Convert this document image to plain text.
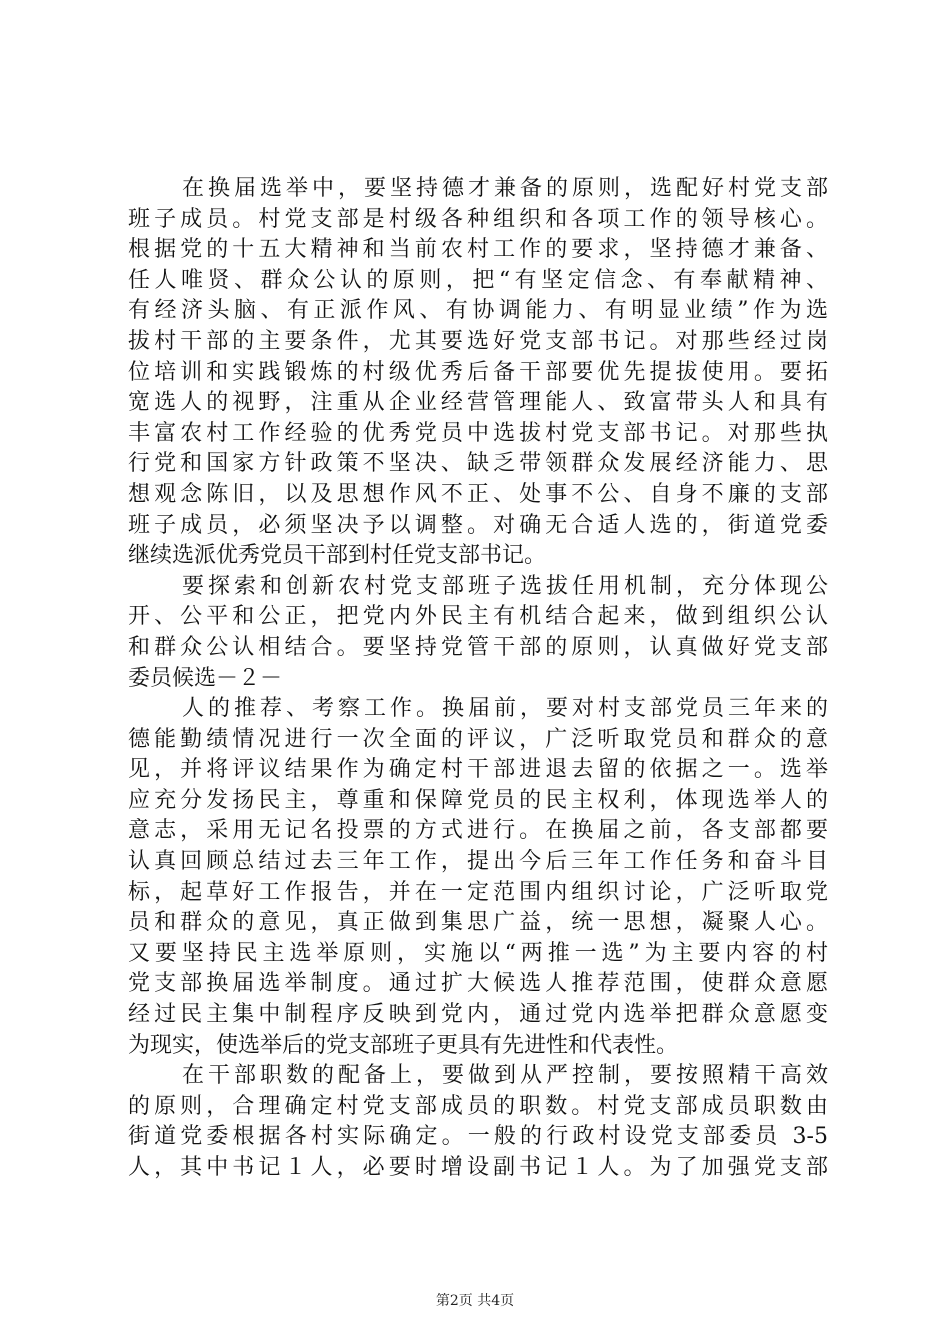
在换届选举中，要坚持德才兼备的原则，选配好村党支部
班子成员。村党支部是村级各种组织和各项工作的领导核心。
根据党的十五大精神和当前农村工作的要求，坚持德才兼备、
任人唯贤、群众公认的原则，把“有坚定信念、有奉献精神、
有经济头脑、有正派作风、有协调能力、有明显业绩”作为选
拔村干部的主要条件，尤其要选好党支部书记。对那些经过岗
位培训和实践锻炼的村级优秀后备干部要优先提拔使用。要拓
宽选人的视野，注重从企业经营管理能人、致富带头人和具有
丰富农村工作经验的优秀党员中选拔村党支部书记。对那些执
行党和国家方针政策不坚决、缺乏带领群众发展经济能力、思
想观念陈旧，以及思想作风不正、处事不公、自身不廉的支部
班子成员，必须坚决予以调整。对确无合适人选的，街道党委
继续选派优秀党员干部到村任党支部书记。
要探索和创新农村党支部班子选拔任用机制，充分体现公
开、公平和公正，把党内外民主有机结合起来，做到组织公认
和群众公认相结合。要坚持党管干部的原则，认真做好党支部
委员候选－２－
人的推荐、考察工作。换届前，要对村支部党员三年来的
德能勤绩情况进行一次全面的评议，广泛听取党员和群众的意
见，并将评议结果作为确定村干部进退去留的依据之一。选举
应充分发扬民主，尊重和保障党员的民主权利，体现选举人的
意志，采用无记名投票的方式进行。在换届之前，各支部都要
认真回顾总结过去三年工作，提出今后三年工作任务和奋斗目
标，起草好工作报告，并在一定范围内组织讨论，广泛听取党
员和群众的意见，真正做到集思广益，统一思想，凝聚人心。
又要坚持民主选举原则，实施以“两推一选”为主要内容的村
党支部换届选举制度。通过扩大候选人推荐范围，使群众意愿
经过民主集中制程序反映到党内，通过党内选举把群众意愿变
为现实，使选举后的党支部班子更具有先进性和代表性。
在干部职数的配备上，要做到从严控制，要按照精干高效
的原则，合理确定村党支部成员的职数。村党支部成员职数由
街道党委根据各村实际确定。一般的行政村设党支部委员 3-5
人，其中书记１人，必要时增设副书记１人。为了加强党支部
第2页 共4页
